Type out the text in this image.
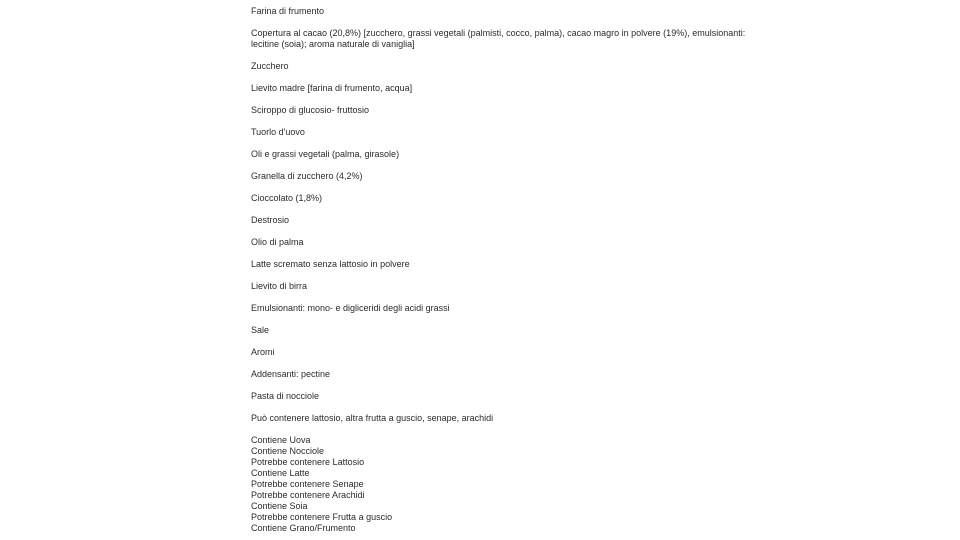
Farina di frumento
Copertura al cacao (20,8%) [zucchero, grassi vegetali (palmisti, cocco, palma), cacao magro in polvere (19%), emulsionanti: lecitine (soia); aroma naturale di vaniglia]
Zucchero
Lievito madre [farina di frumento, acqua]
Sciroppo di glucosio- fruttosio
Tuorlo d'uovo
Oli e grassi vegetali (palma, girasole)
Granella di zucchero (4,2%)
Cioccolato (1,8%)
Destrosio
Olio di palma
Latte scremato senza lattosio in polvere
Lievito di birra
Emulsionanti: mono- e digliceridi degli acidi grassi
Sale
Aromi
Addensanti: pectine
Pasta di nocciole
Può contenere lattosio, altra frutta a guscio, senape, arachidi
Contiene Uova
Contiene Nocciole
Potrebbe contenere Lattosio
Contiene Latte
Potrebbe contenere Senape
Potrebbe contenere Arachidi
Contiene Soia
Potrebbe contenere Frutta a guscio
Contiene Grano/Frumento
